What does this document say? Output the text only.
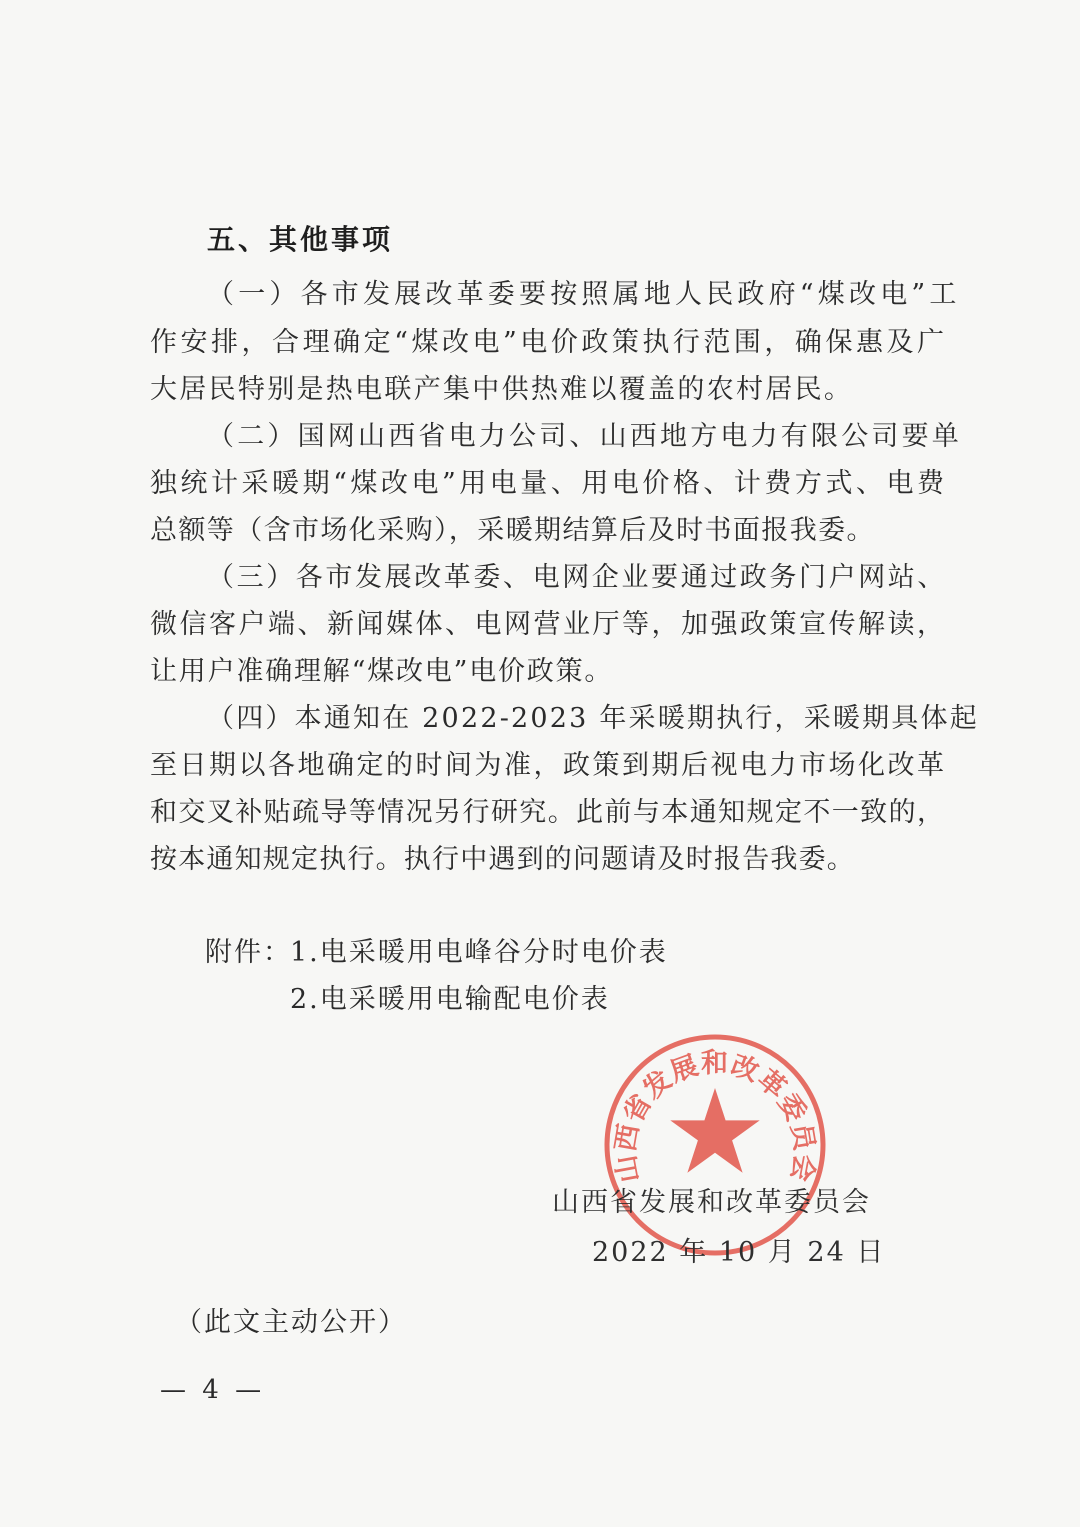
五、其他事项
（一）各市发展改革委要按照属地人民政府“煤改电”工
作安排，合理确定“煤改电”电价政策执行范围，确保惠及广
大居民特别是热电联产集中供热难以覆盖的农村居民。
（二）国网山西省电力公司、山西地方电力有限公司要单
独统计采暖期“煤改电”用电量、用电价格、计费方式、电费
总额等（含市场化采购），采暖期结算后及时书面报我委。
（三）各市发展改革委、电网企业要通过政务门户网站、
微信客户端、新闻媒体、电网营业厅等，加强政策宣传解读，
让用户准确理解“煤改电”电价政策。
（四）本通知在 2022-2023 年采暖期执行，采暖期具体起
至日期以各地确定的时间为准，政策到期后视电力市场化改革
和交叉补贴疏导等情况另行研究。此前与本通知规定不一致的，
按本通知规定执行。执行中遇到的问题请及时报告我委。
附件：
1.电采暖用电峰谷分时电价表
2.电采暖用电输配电价表
山西省发展和改革委员会
山西省发展和改革委员会
2022 年 10 月 24 日
（此文主动公开）
— 4 —
